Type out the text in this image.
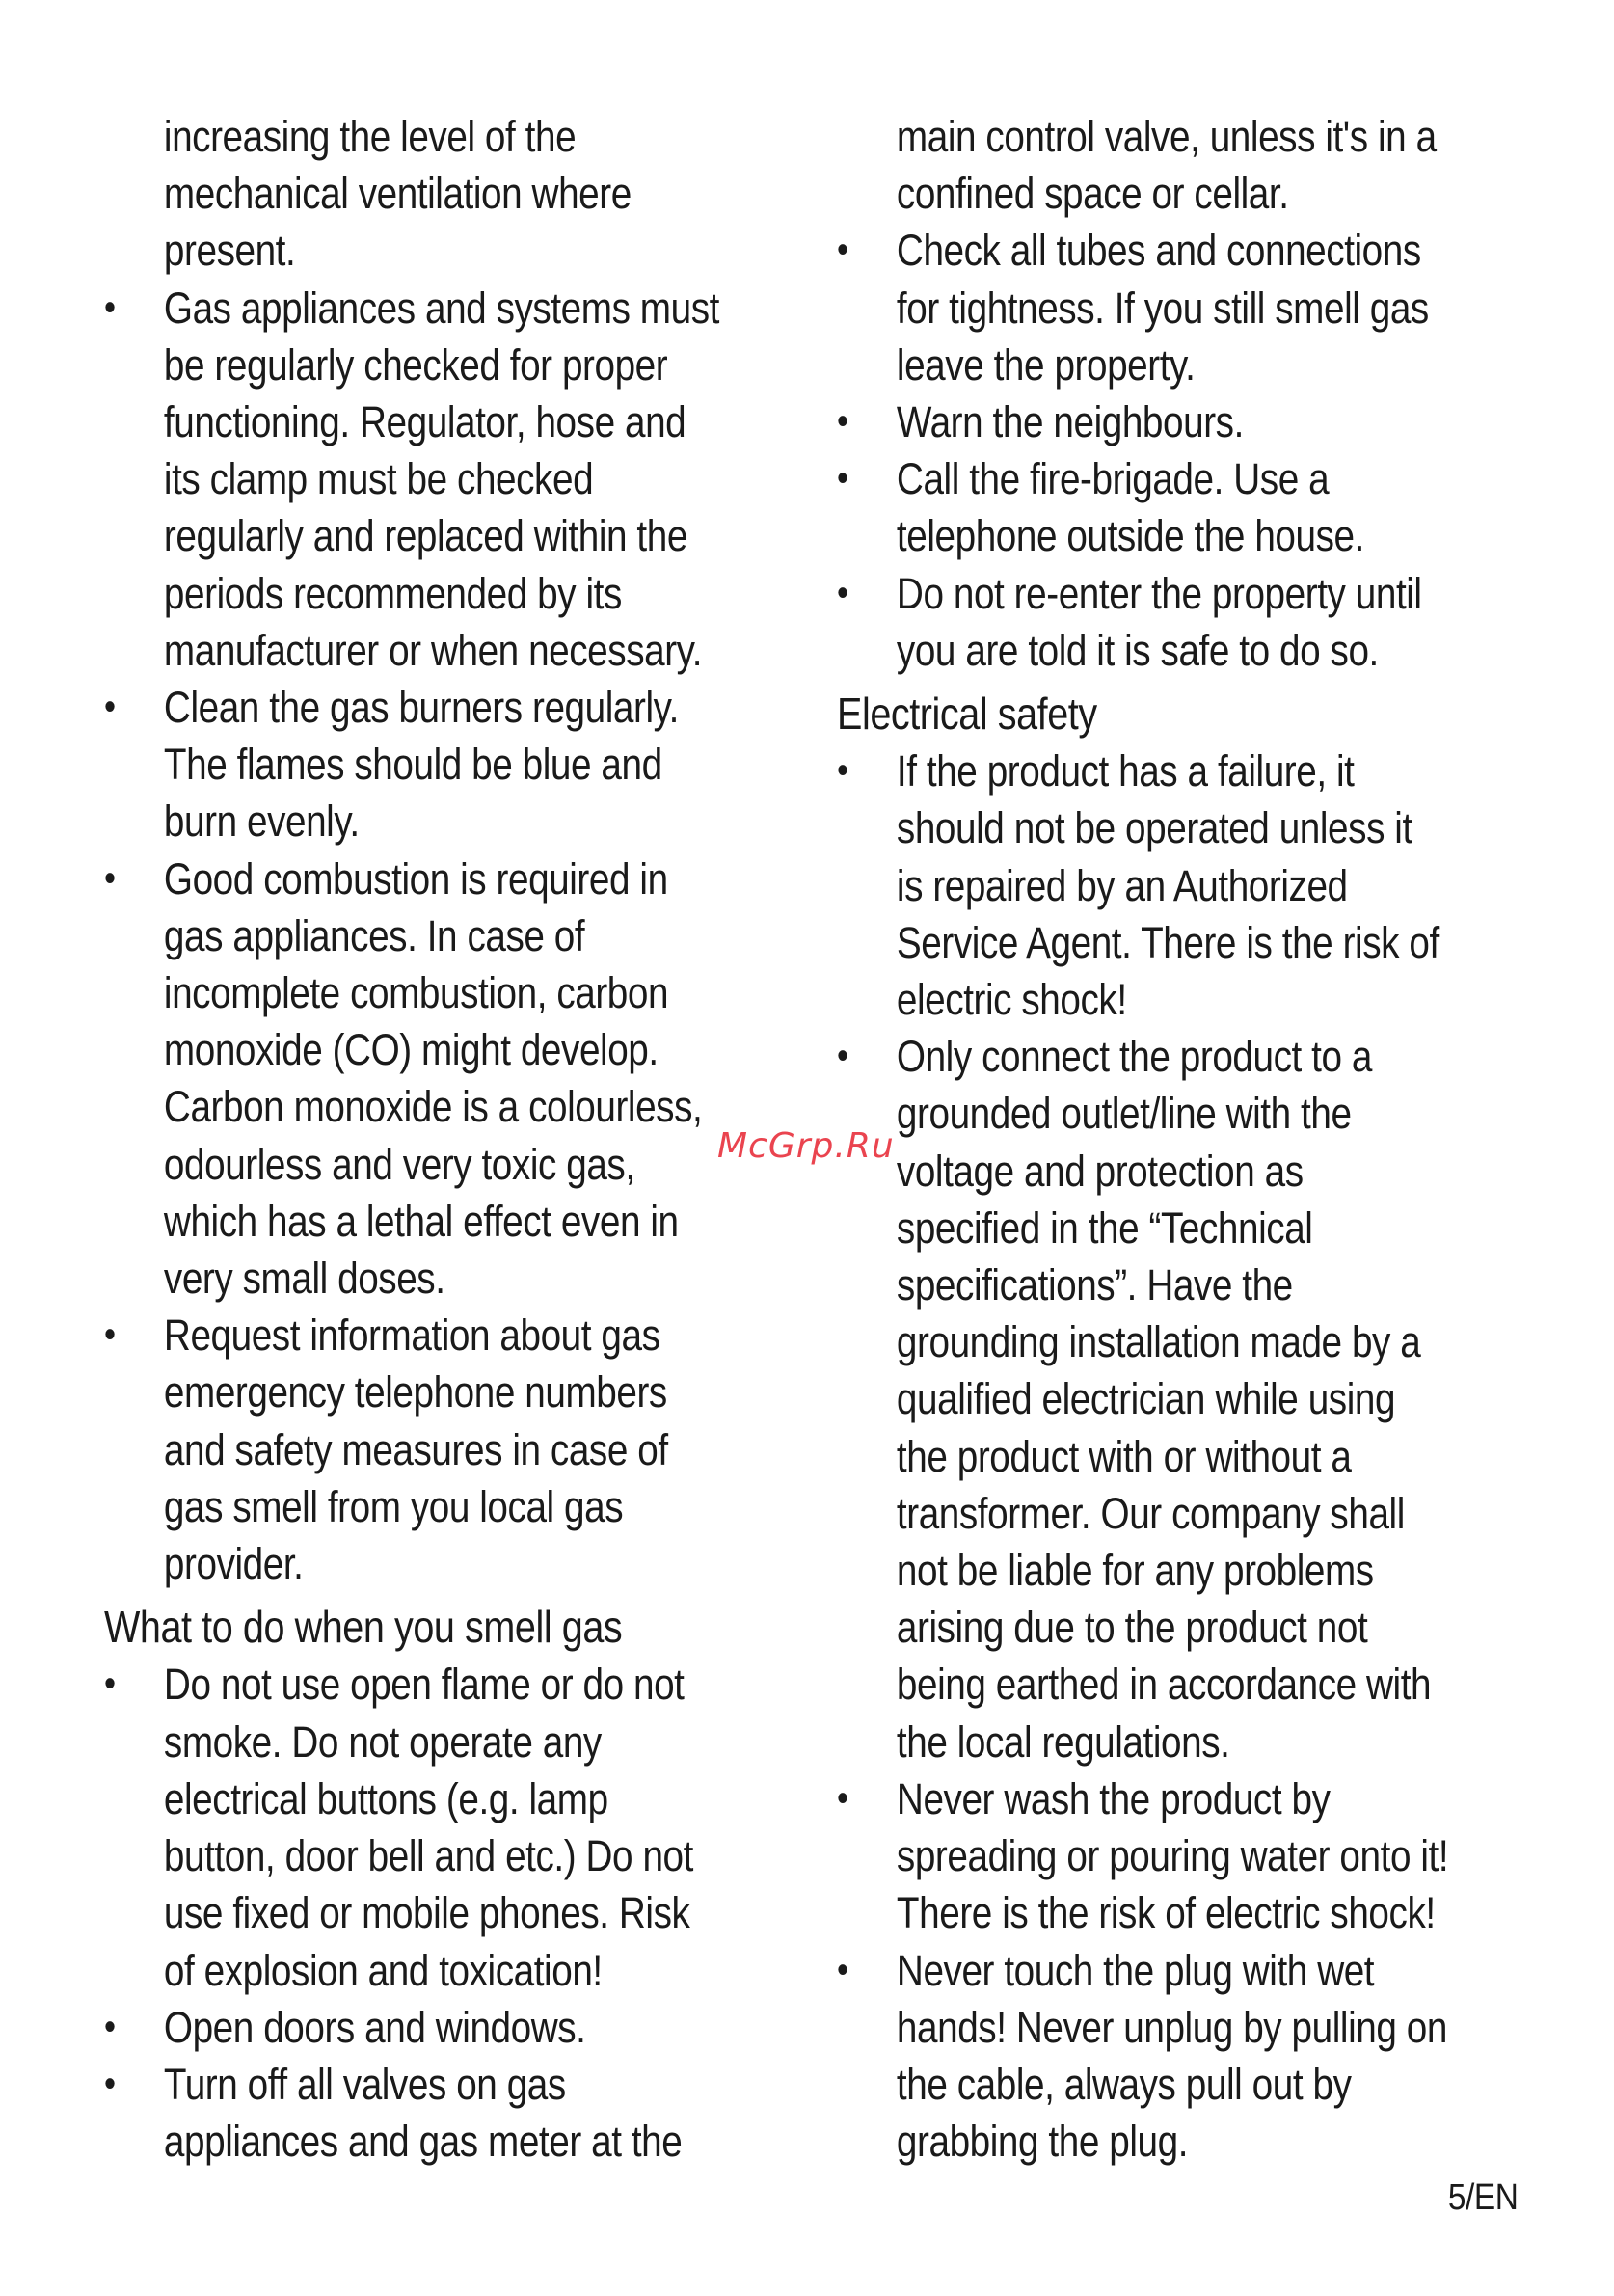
increasing the level of the
mechanical ventilation where
present.

•	Gas appliances and systems must
be regularly checked for proper
functioning. Regulator, hose and
its clamp must be checked
regularly and replaced within the
periods recommended by its
manufacturer or when necessary.
•	Clean the gas burners regularly.
The flames should be blue and
burn evenly.
•	Good combustion is required in
gas appliances. In case of
incomplete combustion, carbon
monoxide (CO) might develop.
Carbon monoxide is a colourless,
odourless and very toxic gas,
which has a lethal effect even in
very small doses.
•	Request information about gas
emergency telephone numbers
and safety measures in case of
gas smell from you local gas
provider.
What to do when you smell gas
•	Do not use open flame or do not
smoke. Do not operate any
electrical buttons (e.g. lamp
button, door bell and etc.) Do not
use fixed or mobile phones. Risk
of explosion and toxication!
•	Open doors and windows.
•	Turn off all valves on gas
appliances and gas meter at the

main control valve, unless it's in a
confined space or cellar.

•	Check all tubes and connections
for tightness. If you still smell gas
leave the property.
•	Warn the neighbours.
•	Call the fire-brigade. Use a
telephone outside the house.
•	Do not re-enter the property until
you are told it is safe to do so.
Electrical safety
•	If the product has a failure, it
should not be operated unless it
is repaired by an Authorized
Service Agent. There is the risk of
electric shock!
•	Only connect the product to a
grounded outlet/line with the
voltage and protection as
specified in the “Technical
specifications”. Have the
grounding installation made by a
qualified electrician while using
the product with or without a
transformer. Our company shall
not be liable for any problems
arising due to the product not
being earthed in accordance with
the local regulations.
•	Never wash the product by
spreading or pouring water onto it!
There is the risk of electric shock!
•	Never touch the plug with wet
hands! Never unplug by pulling on
the cable, always pull out by
grabbing the plug.
McGrp.Ru
5/EN
